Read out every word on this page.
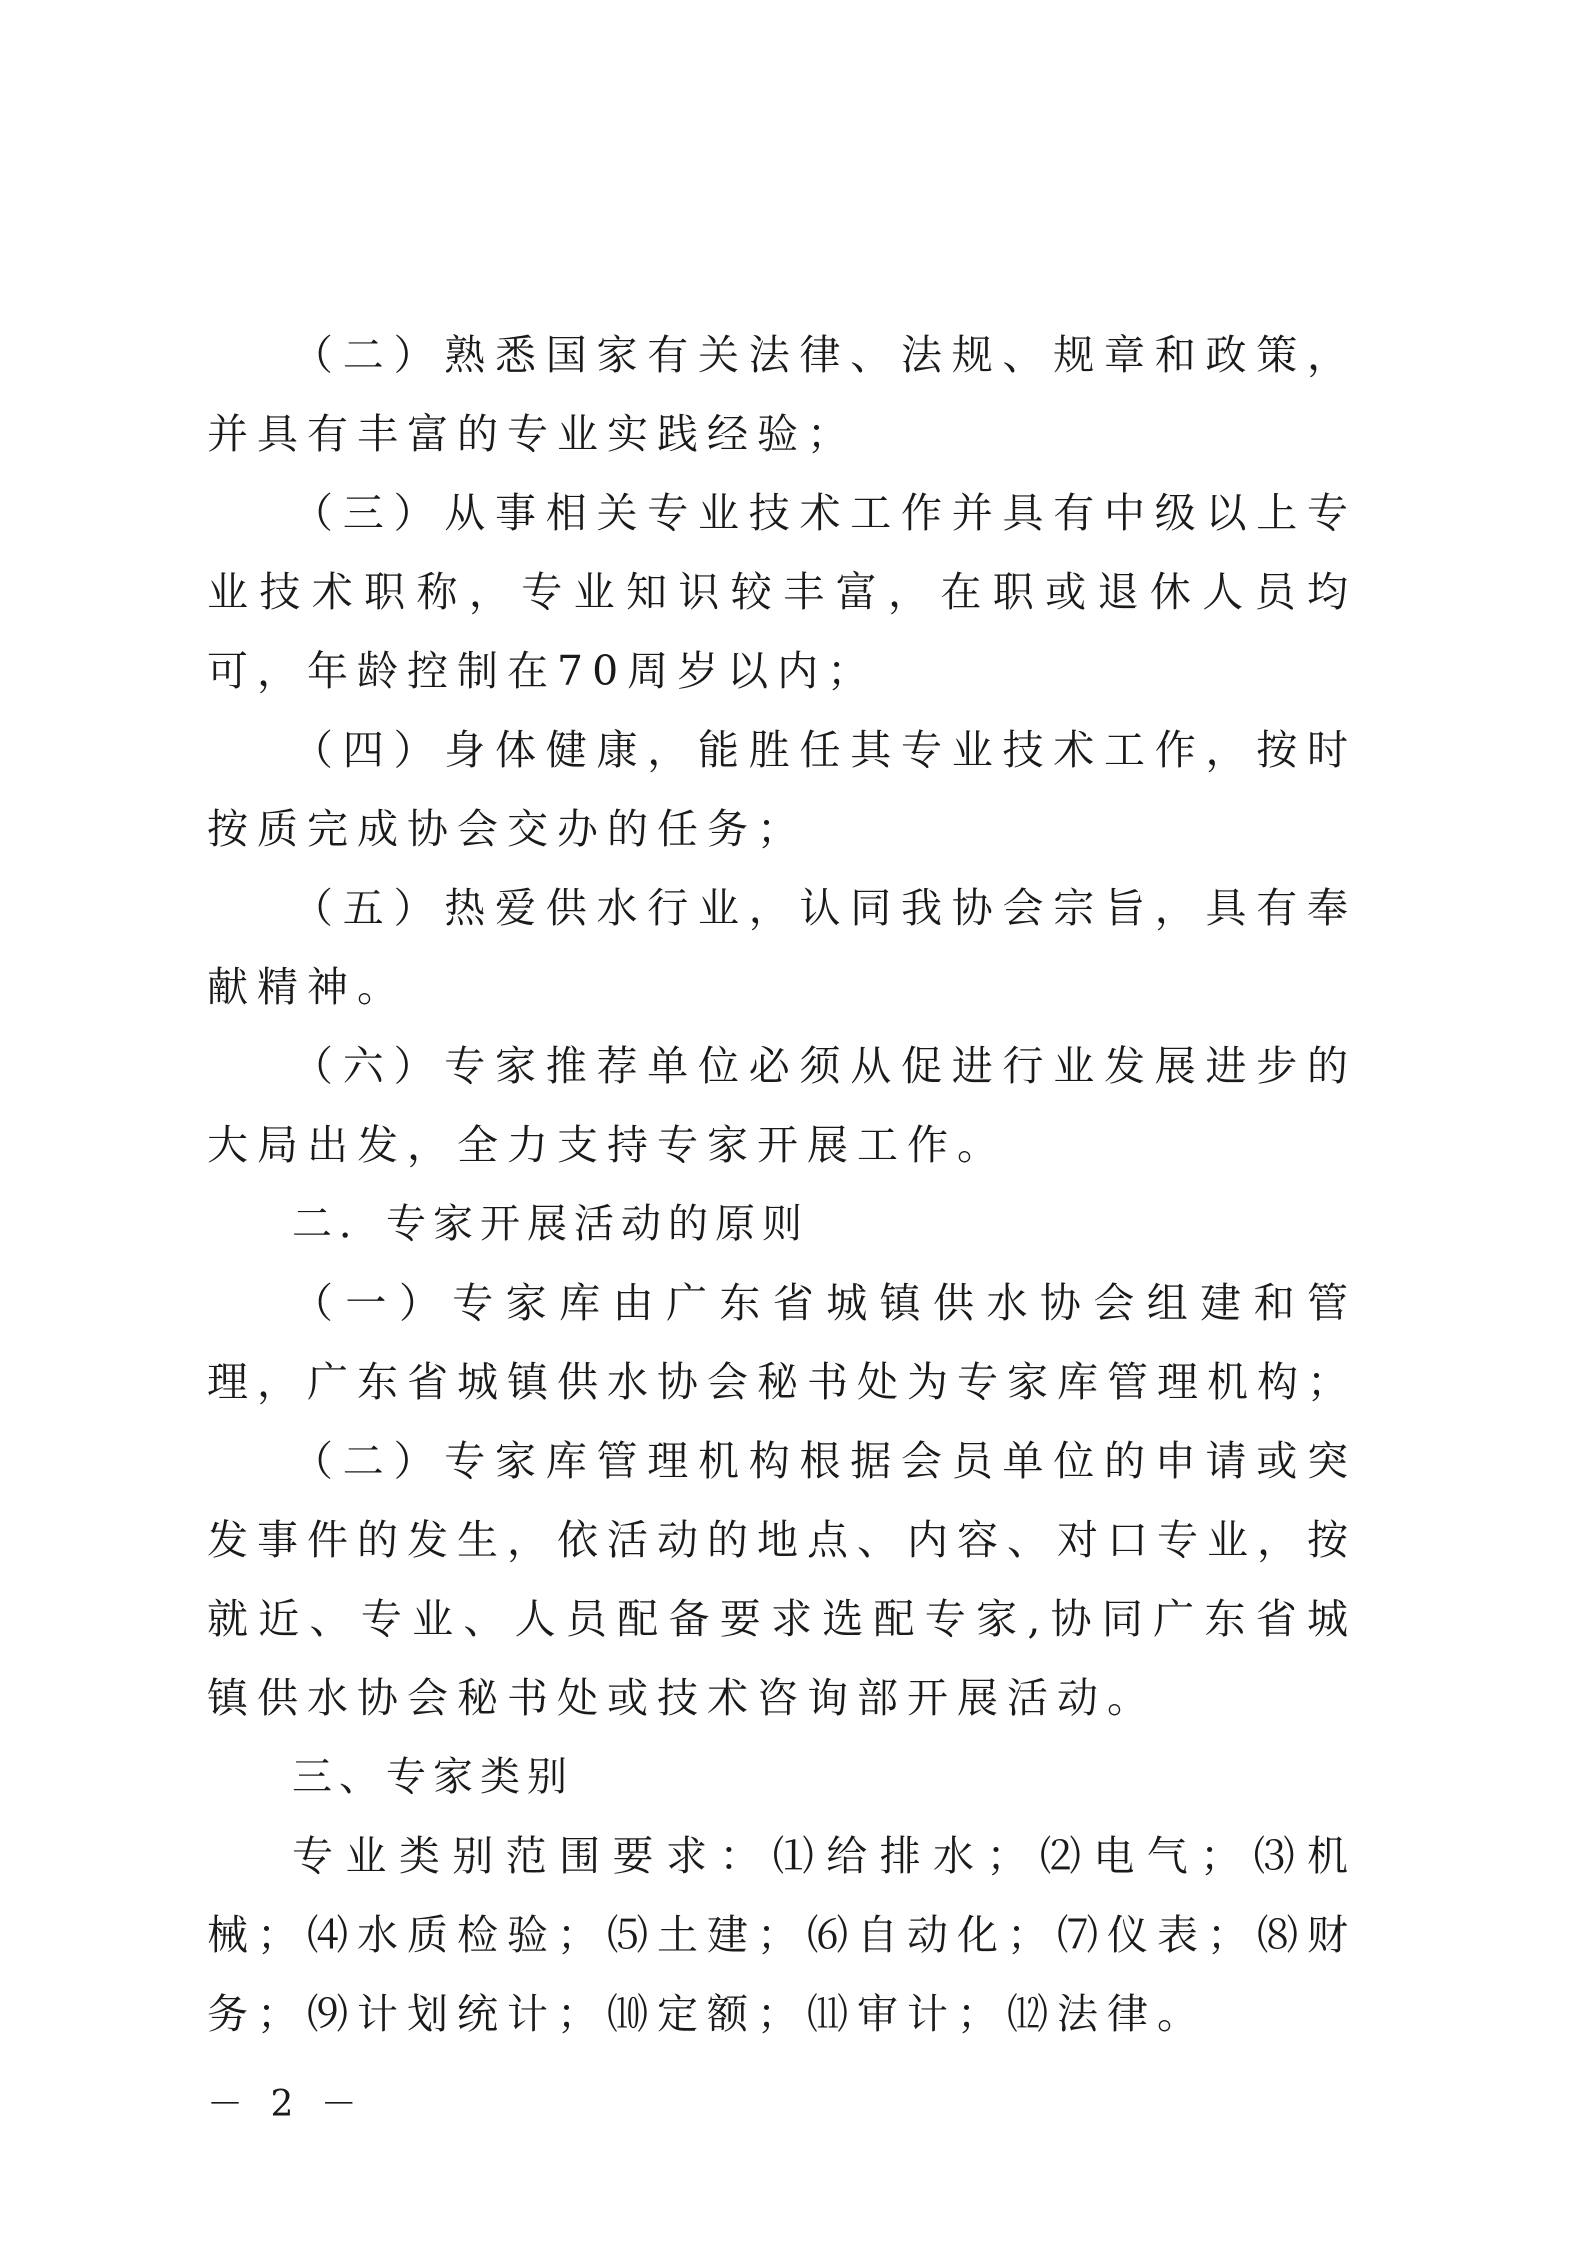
（二）熟悉国家有关法律、法规、规章和政策，并具有丰富的专业实践经验；

（三）从事相关专业技术工作并具有中级以上专业技术职称，专业知识较丰富，在职或退休人员均可，年龄控制在70周岁以内；

（四）身体健康，能胜任其专业技术工作，按时按质完成协会交办的任务；

（五）热爱供水行业，认同我协会宗旨，具有奉献精神。

（六）专家推荐单位必须从促进行业发展进步的大局出发，全力支持专家开展工作。

二．专家开展活动的原则

（一）专家库由广东省城镇供水协会组建和管理，广东省城镇供水协会秘书处为专家库管理机构；

（二）专家库管理机构根据会员单位的申请或突发事件的发生，依活动的地点、内容、对口专业，按就近、专业、人员配备要求选配专家,协同广东省城镇供水协会秘书处或技术咨询部开展活动。

三、专家类别

专业类别范围要求：⑴给排水；⑵电气；⑶机械；⑷水质检验；⑸土建；⑹自动化；⑺仪表；⑻财务；⑼计划统计；⑽定额；⑾审计；⑿法律。

－ 2 －
